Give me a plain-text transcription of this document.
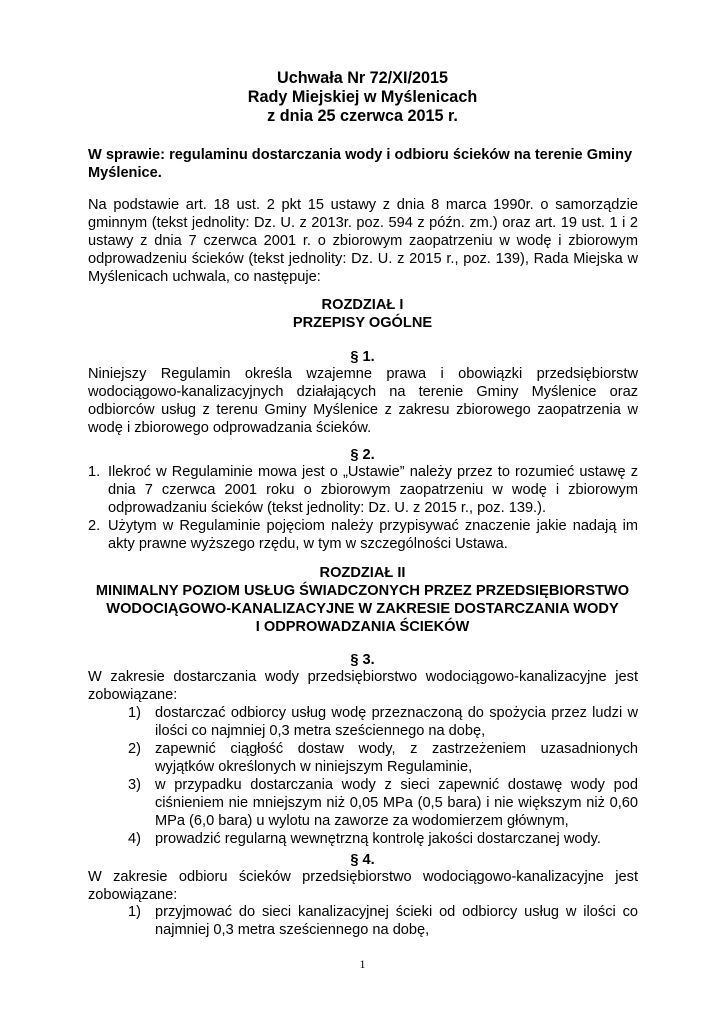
Uchwała Nr 72/XI/2015
Rady Miejskiej w Myślenicach
z dnia 25 czerwca 2015 r.
W sprawie: regulaminu dostarczania wody i odbioru ścieków na terenie Gminy Myślenice.
Na podstawie art. 18 ust. 2 pkt 15 ustawy z dnia 8 marca 1990r. o samorządzie gminnym (tekst jednolity: Dz. U. z 2013r. poz. 594 z późn. zm.) oraz art. 19 ust. 1 i 2 ustawy z dnia 7 czerwca 2001 r. o zbiorowym zaopatrzeniu w wodę i zbiorowym odprowadzeniu ścieków (tekst jednolity: Dz. U. z 2015 r., poz. 139), Rada Miejska w Myślenicach uchwala, co następuje:
ROZDZIAŁ I
PRZEPISY OGÓLNE
§ 1.
Niniejszy Regulamin określa wzajemne prawa i obowiązki przedsiębiorstw wodociągowo-kanalizacyjnych działających na terenie Gminy Myślenice oraz odbiorców usług z terenu Gminy Myślenice z zakresu zbiorowego zaopatrzenia w wodę i zbiorowego odprowadzania ścieków.
§ 2.
1. Ilekroć w Regulaminie mowa jest o „Ustawie” należy przez to rozumieć ustawę z dnia 7 czerwca 2001 roku o zbiorowym zaopatrzeniu w wodę i zbiorowym odprowadzaniu ścieków (tekst jednolity: Dz. U. z 2015 r., poz. 139.).
2. Użytym w Regulaminie pojęciom należy przypisywać znaczenie jakie nadają im akty prawne wyższego rzędu, w tym w szczególności Ustawa.
ROZDZIAŁ II
MINIMALNY POZIOM USŁUG ŚWIADCZONYCH PRZEZ PRZEDSIĘBIORSTWO
WODOCIĄGOWO-KANALIZACYJNE W ZAKRESIE DOSTARCZANIA WODY
I ODPROWADZANIA ŚCIEKÓW
§ 3.
W zakresie dostarczania wody przedsiębiorstwo wodociągowo-kanalizacyjne jest zobowiązane:
1) dostarczać odbiorcy usług wodę przeznaczoną do spożycia przez ludzi w ilości co najmniej 0,3 metra sześciennego na dobę,
2) zapewnić ciągłość dostaw wody, z zastrzeżeniem uzasadnionych wyjątków określonych w niniejszym Regulaminie,
3) w przypadku dostarczania wody z sieci zapewnić dostawę wody pod ciśnieniem nie mniejszym niż 0,05 MPa (0,5 bara) i nie większym niż 0,60 MPa (6,0 bara) u wylotu na zaworze za wodomierzem głównym,
4) prowadzić regularną wewnętrzną kontrolę jakości dostarczanej wody.
§ 4.
W zakresie odbioru ścieków przedsiębiorstwo wodociągowo-kanalizacyjne jest zobowiązane:
1) przyjmować do sieci kanalizacyjnej ścieki od odbiorcy usług w ilości co najmniej 0,3 metra sześciennego na dobę,
1
